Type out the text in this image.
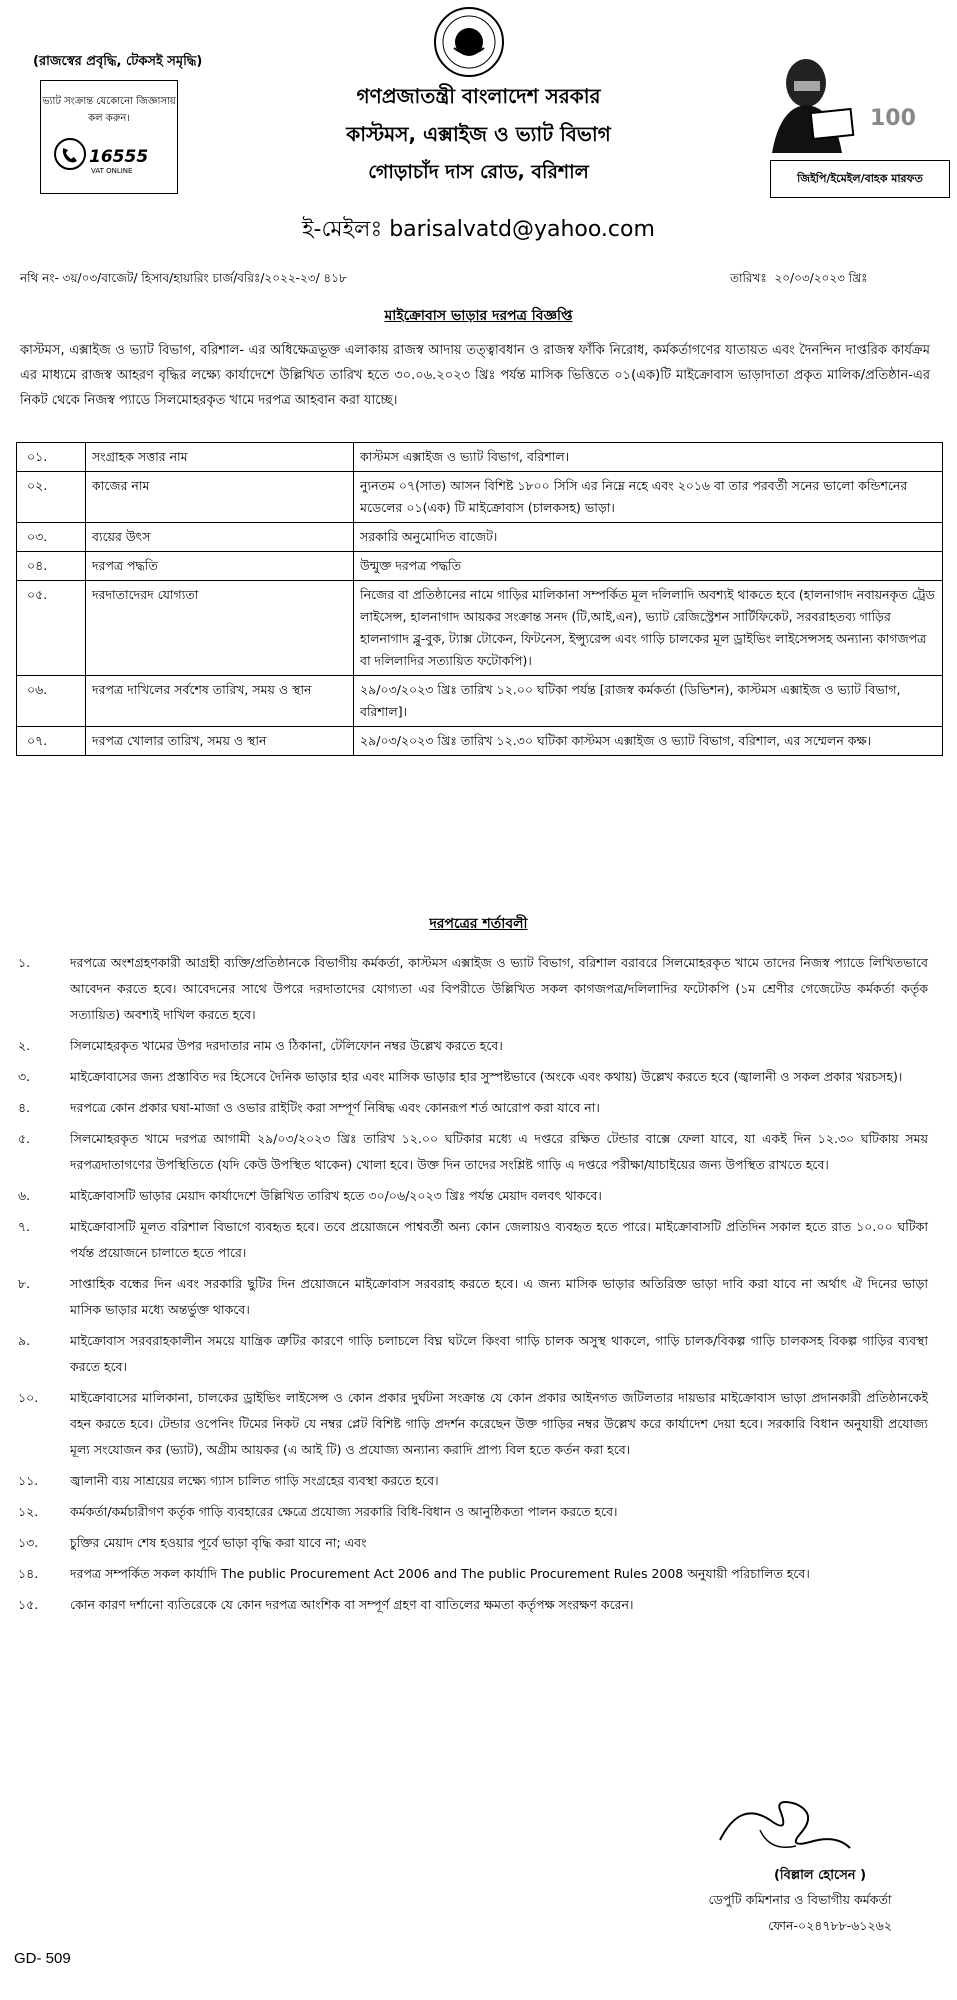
(রাজস্বের প্রবৃদ্ধি, টেকসই সমৃদ্ধি)
ভ্যাট সংক্রান্ত যেকোনো জিজ্ঞাসায় কল করুন।
16555
VAT ONLINE
গণপ্রজাতন্ত্রী বাংলাদেশ সরকার
কাস্টমস, এক্সাইজ ও ভ্যাট বিভাগ
গোড়াচাঁদ দাস রোড, বরিশাল
ই-মেইলঃ barisalvatd@yahoo.com
100
জিইপি/ইমেইল/বাহক মারফত
নথি নং- ৩য়/০৩/বাজেট/ হিসাব/হায়ারিং চার্জ/বরিঃ/২০২২-২৩/ ৪১৮	তারিখঃ ২০/০৩/২০২৩ খ্রিঃ
মাইক্রোবাস ভাড়ার দরপত্র বিজ্ঞপ্তি
কাস্টমস, এক্সাইজ ও ভ্যাট বিভাগ, বরিশাল- এর অধিক্ষেত্রভূক্ত এলাকায় রাজস্ব আদায় তত্ত্বাবধান ও রাজস্ব ফাঁকি নিরোধ, কর্মকর্তাগণের যাতায়ত এবং দৈনন্দিন দাপ্তরিক কার্যক্রম এর মাধ্যমে রাজস্ব আহরণ বৃদ্ধির লক্ষ্যে কার্যাদেশে উল্লিখিত তারিখ হতে ৩০.০৬.২০২৩ খ্রিঃ পর্যন্ত মাসিক ভিত্তিতে ০১(এক)টি মাইক্রোবাস ভাড়াদাতা প্রকৃত মালিক/প্রতিষ্ঠান-এর নিকট থেকে নিজস্ব প্যাডে সিলমোহরকৃত খামে দরপত্র আহবান করা যাচ্ছে।
০১.	সংগ্রাহক সত্তার নাম	কাস্টমস এক্সাইজ ও ভ্যাট বিভাগ, বরিশাল।
০২.	কাজের নাম	ন্যুনতম ০৭(সাত) আসন বিশিষ্ট ১৮০০ সিসি এর নিম্নে নহে এবং ২০১৬ বা তার পরবর্তী সনের ভালো কন্ডিশনের মডেলের ০১(এক) টি মাইক্রোবাস (চালকসহ) ভাড়া।
০৩.	ব্যয়ের উৎস	সরকারি অনুমোদিত বাজেট।
০৪.	দরপত্র পদ্ধতি	উন্মুক্ত দরপত্র পদ্ধতি
০৫.	দরদাতাদেরদ যোগ্যতা	নিজের বা প্রতিষ্ঠানের নামে গাড়ির মালিকানা সম্পর্কিত মূল দলিলাদি অবশ্যই থাকতে হবে (হালনাগাদ নবায়নকৃত ট্রেড লাইসেন্স, হালনাগাদ আয়কর সংক্রান্ত সনদ (টি,আই,এন), ভ্যাট রেজিস্ট্রেশন সার্টিফিকেট, সরবরাহতব্য গাড়ির হালনাগাদ ব্লু-বুক, ট্যাক্স টোকেন, ফিটনেস, ইন্স্যুরেন্স এবং গাড়ি চালকের মূল ড্রাইভিং লাইসেন্সসহ অন্যান্য কাগজপত্র বা দলিলাদির সত্যায়িত ফটোকপি)।
০৬.	দরপত্র দাখিলের সর্বশেষ তারিখ, সময় ও স্থান	২৯/০৩/২০২৩ খ্রিঃ তারিখ ১২.০০ ঘটিকা পর্যন্ত [রাজস্ব কর্মকর্তা (ডিভিশন), কাস্টমস এক্সাইজ ও ভ্যাট বিভাগ, বরিশাল]।
০৭.	দরপত্র খোলার তারিখ, সময় ও স্থান	২৯/০৩/২০২৩ খ্রিঃ তারিখ ১২.৩০ ঘটিকা কাস্টমস এক্সাইজ ও ভ্যাট বিভাগ, বরিশাল, এর সম্মেলন কক্ষ।
দরপত্রের শর্তাবলী
১.	দরপত্রে অংশগ্রহণকারী আগ্রহী ব্যক্তি/প্রতিষ্ঠানকে বিভাগীয় কর্মকর্তা, কাস্টমস এক্সাইজ ও ভ্যাট বিভাগ, বরিশাল বরাবরে সিলমোহরকৃত খামে তাদের নিজস্ব প্যাডে লিখিতভাবে আবেদন করতে হবে। আবেদনের সাথে উপরে দরদাতাদের যোগ্যতা এর বিপরীতে উল্লিখিত সকল কাগজপত্র/দলিলাদির ফটোকপি (১ম শ্রেণীর গেজেটেড কর্মকর্তা কর্তৃক সত্যায়িত) অবশ্যই দাখিল করতে হবে।
২.	সিলমোহরকৃত খামের উপর দরদাতার নাম ও ঠিকানা, টেলিফোন নম্বর উল্লেখ করতে হবে।
৩.	মাইক্রোবাসের জন্য প্রস্তাবিত দর হিসেবে দৈনিক ভাড়ার হার এবং মাসিক ভাড়ার হার সুস্পষ্টভাবে (অংকে এবং কথায়) উল্লেখ করতে হবে (জ্বালানী ও সকল প্রকার খরচসহ)।
৪.	দরপত্রে কোন প্রকার ঘষা-মাজা ও ওভার রাইটিং করা সম্পূর্ণ নিষিদ্ধ এবং কোনরূপ শর্ত আরোপ করা যাবে না।
৫.	সিলমোহরকৃত খামে দরপত্র আগামী ২৯/০৩/২০২৩ খ্রিঃ তারিখ ১২.০০ ঘটিকার মধ্যে এ দপ্তরে রক্ষিত টেন্ডার বাক্সে ফেলা যাবে, যা একই দিন ১২.৩০ ঘটিকায় সময় দরপত্রদাতাগণের উপস্থিতিতে (যদি কেউ উপস্থিত থাকেন) খোলা হবে। উক্ত দিন তাদের সংশ্লিষ্ট গাড়ি এ দপ্তরে পরীক্ষা/যাচাইয়ের জন্য উপস্থিত রাখতে হবে।
৬.	মাইক্রোবাসটি ভাড়ার মেয়াদ কার্যাদেশে উল্লিখিত তারিখ হতে ৩০/০৬/২০২৩ খ্রিঃ পর্যন্ত মেয়াদ বলবৎ থাকবে।
৭.	মাইক্রোবাসটি মূলত বরিশাল বিভাগে ব্যবহৃত হবে। তবে প্রয়োজনে পাশ্ববর্তী অন্য কোন জেলায়ও ব্যবহৃত হতে পারে। মাইক্রোবাসটি প্রতিদিন সকাল হতে রাত ১০.০০ ঘটিকা পর্যন্ত প্রয়োজনে চালাতে হতে পারে।
৮.	সাপ্তাহিক বন্ধের দিন এবং সরকারি ছুটির দিন প্রয়োজনে মাইক্রোবাস সরবরাহ করতে হবে। এ জন্য মাসিক ভাড়ার অতিরিক্ত ভাড়া দাবি করা যাবে না অর্থাৎ ঐ দিনের ভাড়া মাসিক ভাড়ার মধ্যে অন্তর্ভুক্ত থাকবে।
৯.	মাইক্রোবাস সরবরাহকালীন সময়ে যান্ত্রিক ত্রুটির কারণে গাড়ি চলাচলে বিঘ্ন ঘটলে কিংবা গাড়ি চালক অসুস্থ থাকলে, গাড়ি চালক/বিকল্প গাড়ি চালকসহ বিকল্প গাড়ির ব্যবস্থা করতে হবে।
১০.	মাইক্রোবাসের মালিকানা, চালকের ড্রাইভিং লাইসেন্স ও কোন প্রকার দুর্ঘটনা সংক্রান্ত যে কোন প্রকার আইনগত জটিলতার দায়ভার মাইক্রোবাস ভাড়া প্রদানকারী প্রতিষ্ঠানকেই বহন করতে হবে। টেন্ডার ওপেনিং টিমের নিকট যে নম্বর প্লেট বিশিষ্ট গাড়ি প্রদর্শন করেছেন উক্ত গাড়ির নম্বর উল্লেখ করে কার্যাদেশ দেয়া হবে। সরকারি বিধান অনুযায়ী প্রযোজ্য মূল্য সংযোজন কর (ভ্যাট), অগ্রীম আয়কর (এ আই টি) ও প্রযোজ্য অন্যান্য করাদি প্রাপ্য বিল হতে কর্তন করা হবে।
১১.	জ্বালানী ব্যয় সাশ্রয়ের লক্ষ্যে গ্যাস চালিত গাড়ি সংগ্রহের ব্যবস্থা করতে হবে।
১২.	কর্মকর্তা/কর্মচারীগণ কর্তৃক গাড়ি ব্যবহারের ক্ষেত্রে প্রযোজ্য সরকারি বিধি-বিধান ও আনুষ্ঠিকতা পালন করতে হবে।
১৩.	চুক্তির মেয়াদ শেষ হওয়ার পূর্বে ভাড়া বৃদ্ধি করা যাবে না; এবং
১৪.	দরপত্র সম্পর্কিত সকল কার্যাদি The public Procurement Act 2006 and The public Procurement Rules 2008 অনুযায়ী পরিচালিত হবে।
১৫.	কোন কারণ দর্শানো ব্যতিরেকে যে কোন দরপত্র আংশিক বা সম্পূর্ণ গ্রহণ বা বাতিলের ক্ষমতা কর্তৃপক্ষ সংরক্ষণ করেন।
(বিল্লাল হোসেন )
ডেপুটি কমিশনার ও বিভাগীয় কর্মকর্তা
ফোন-০২৪৭৮৮-৬১২৬২
GD- 509
